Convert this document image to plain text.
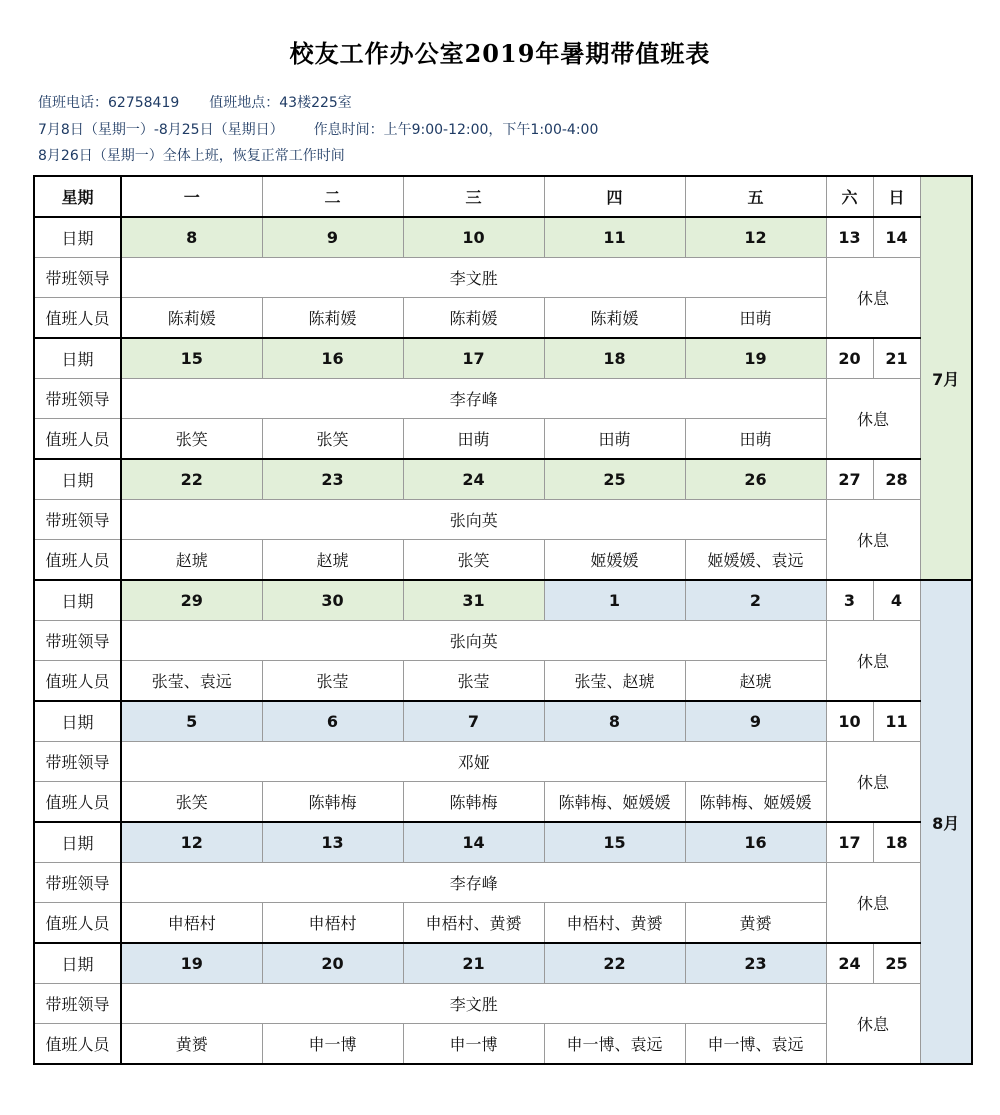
校友工作办公室2019年暑期带值班表
值班电话：62758419 值班地点：43楼225室
7月8日（星期一）-8月25日（星期日） 作息时间：上午9:00-12:00，下午1:00-4:00
8月26日（星期一）全体上班，恢复正常工作时间
星期	一	二	三	四	五	六	日	7月
日期	8	9	10	11	12	13	14	
带班领导	李文胜					休息		
值班人员	陈莉媛	陈莉媛	陈莉媛	陈莉媛	田萌			
日期	15	16	17	18	19	20	21	
带班领导	李存峰					休息		
值班人员	张笑	张笑	田萌	田萌	田萌			
日期	22	23	24	25	26	27	28	
带班领导	张向英					休息		
值班人员	赵琥	赵琥	张笑	姬媛媛	姬媛媛、袁远			
日期	29	30	31	1	2	3	4	8月
带班领导	张向英					休息		
值班人员	张莹、袁远	张莹	张莹	张莹、赵琥	赵琥			
日期	5	6	7	8	9	10	11	
带班领导	邓娅					休息		
值班人员	张笑	陈韩梅	陈韩梅	陈韩梅、姬媛媛	陈韩梅、姬媛媛			
日期	12	13	14	15	16	17	18	
带班领导	李存峰					休息		
值班人员	申梧村	申梧村	申梧村、黄赟	申梧村、黄赟	黄赟			
日期	19	20	21	22	23	24	25	
带班领导	李文胜					休息		
值班人员	黄赟	申一博	申一博	申一博、袁远	申一博、袁远			
